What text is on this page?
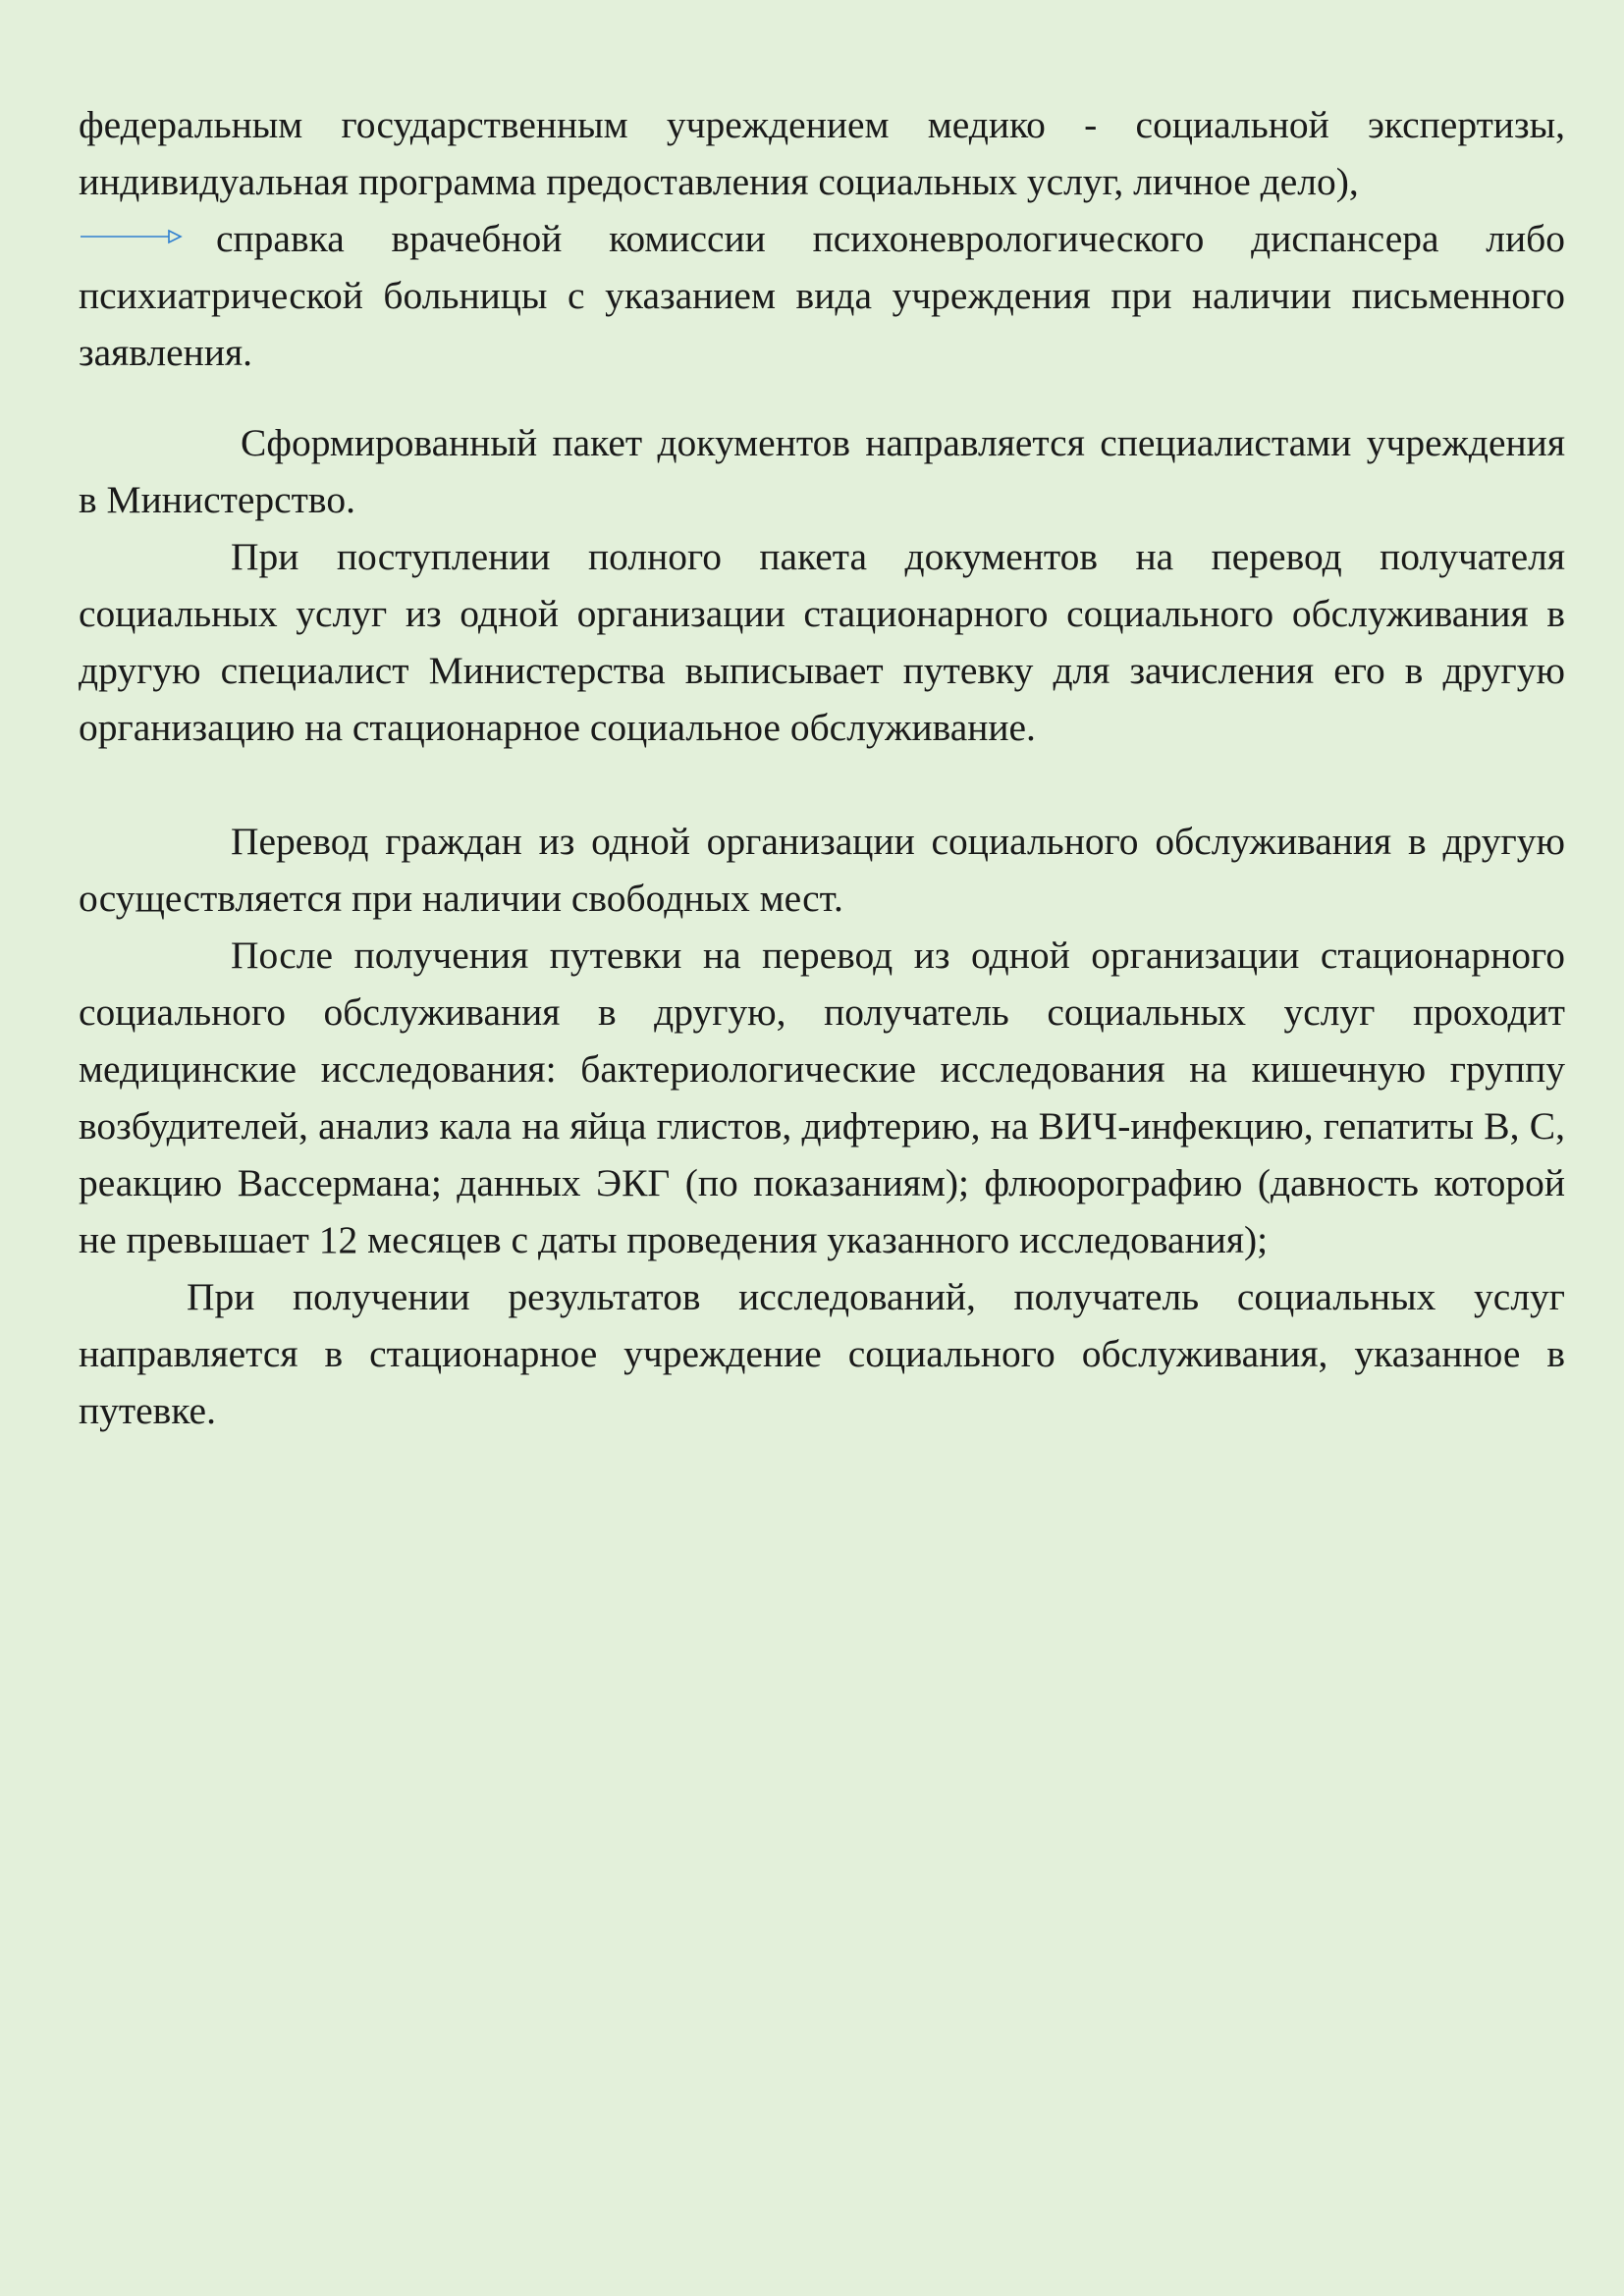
федеральным государственным учреждением медико - социальной экспертизы, индивидуальная программа предоставления социальных услуг, личное дело),

справка врачебной комиссии психоневрологического диспансера либо психиатрической больницы с указанием вида учреждения при наличии письменного заявления.

Сформированный пакет документов направляется специалистами учреждения в Министерство.

При поступлении полного пакета документов на перевод получателя социальных услуг из одной организации стационарного социального обслуживания в другую специалист Министерства выписывает путевку для зачисления его в другую организацию на стационарное социальное обслуживание.

Перевод граждан из одной организации социального обслуживания в другую осуществляется при наличии свободных мест.

После получения путевки на перевод из одной организации стационарного социального обслуживания в другую, получатель социальных услуг проходит медицинские исследования: бактериологические исследования на кишечную группу возбудителей, анализ кала на яйца глистов, дифтерию, на ВИЧ-инфекцию, гепатиты В, С, реакцию Вассермана; данных ЭКГ (по показаниям); флюорографию (давность которой не превышает 12 месяцев с даты проведения указанного исследования);

При получении результатов исследований, получатель социальных услуг направляется в стационарное учреждение социального обслуживания, указанное в путевке.
